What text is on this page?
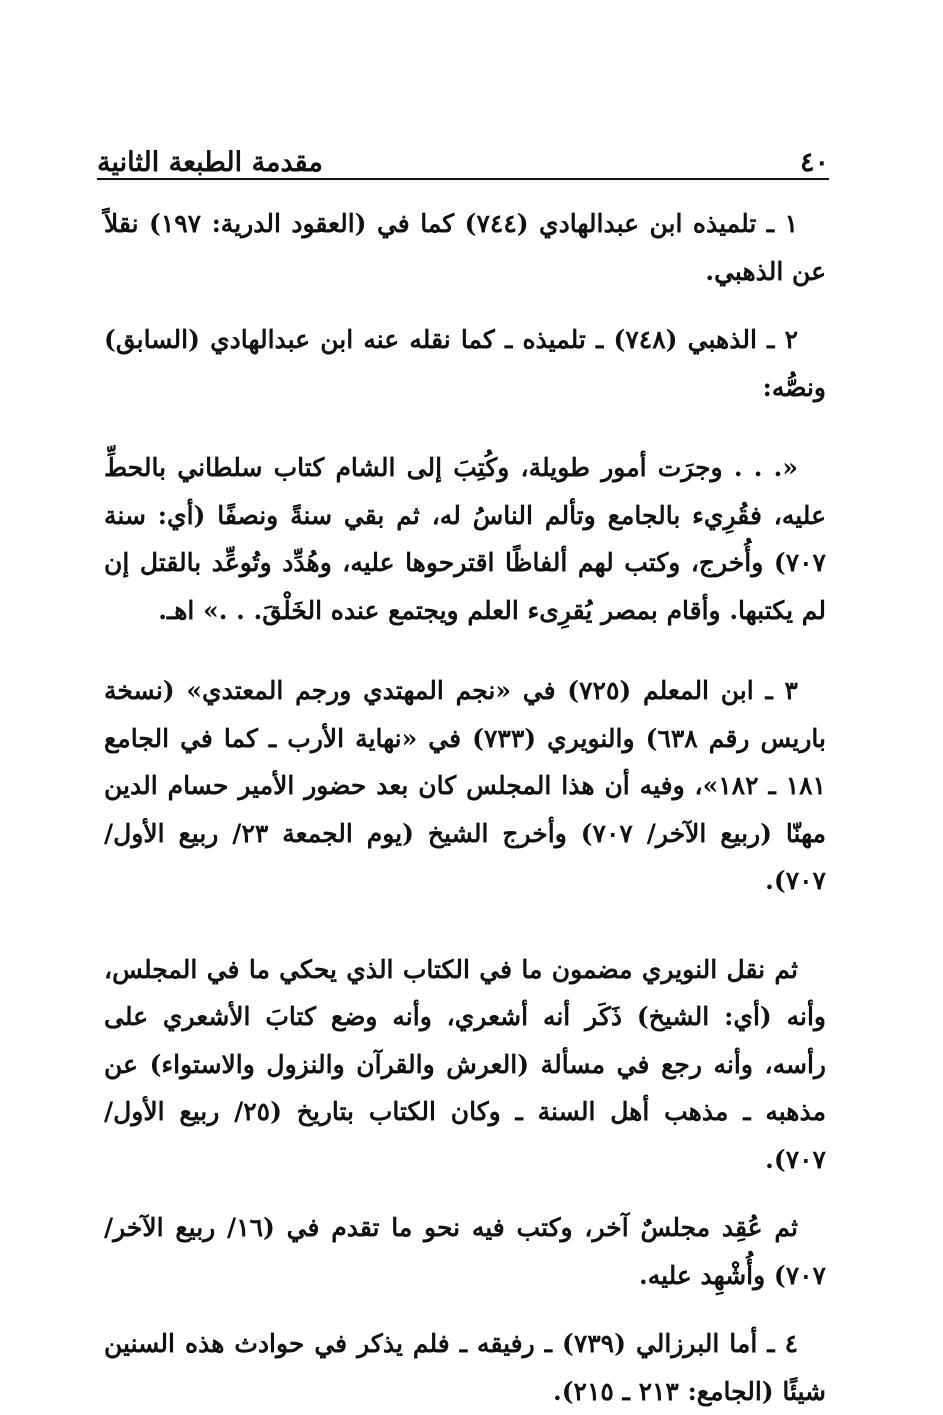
٤٠
مقدمة الطبعة الثانية

١ ـ تلميذه ابن عبدالهادي (٧٤٤) كما في (العقود الدرية: ١٩٧) نقلاً عن الذهبي.

٢ ـ الذهبي (٧٤٨) ـ تلميذه ـ كما نقله عنه ابن عبدالهادي (السابق) ونصُّه:

«. . . وجرَت أمور طويلة، وكُتِبَ إلى الشام كتاب سلطاني بالحطِّ عليه، فقُرِيء بالجامع وتألم الناسُ له، ثم بقي سنةً ونصفًا (أي: سنة ٧٠٧) وأُخرج، وكتب لهم ألفاظًا اقترحوها عليه، وهُدِّد وتُوعِّد بالقتل إن لم يكتبها. وأقام بمصر يُقرِىء العلم ويجتمع عنده الخَلْقَ. . .» اهـ.

٣ ـ ابن المعلم (٧٢٥) في «نجم المهتدي ورجم المعتدي» (نسخة باريس رقم ٦٣٨) والنويري (٧٣٣) في «نهاية الأرب ـ كما في الجامع ١٨١ ـ ١٨٢»، وفيه أن هذا المجلس كان بعد حضور الأمير حسام الدين مهنّا (ربيع الآخر/ ٧٠٧) وأخرج الشيخ (يوم الجمعة ٢٣/ ربيع الأول/ ٧٠٧).

ثم نقل النويري مضمون ما في الكتاب الذي يحكي ما في المجلس، وأنه (أي: الشيخ) ذَكَر أنه أشعري، وأنه وضع كتابَ الأشعري على رأسه، وأنه رجع في مسألة (العرش والقرآن والنزول والاستواء) عن مذهبه ـ مذهب أهل السنة ـ وكان الكتاب بتاريخ (٢٥/ ربيع الأول/ ٧٠٧).

ثم عُقِد مجلسٌ آخر، وكتب فيه نحو ما تقدم في (١٦/ ربيع الآخر/ ٧٠٧) وأُشْهِد عليه.

٤ ـ أما البرزالي (٧٣٩) ـ رفيقه ـ فلم يذكر في حوادث هذه السنين شيئًا (الجامع: ٢١٣ ـ ٢١٥).
